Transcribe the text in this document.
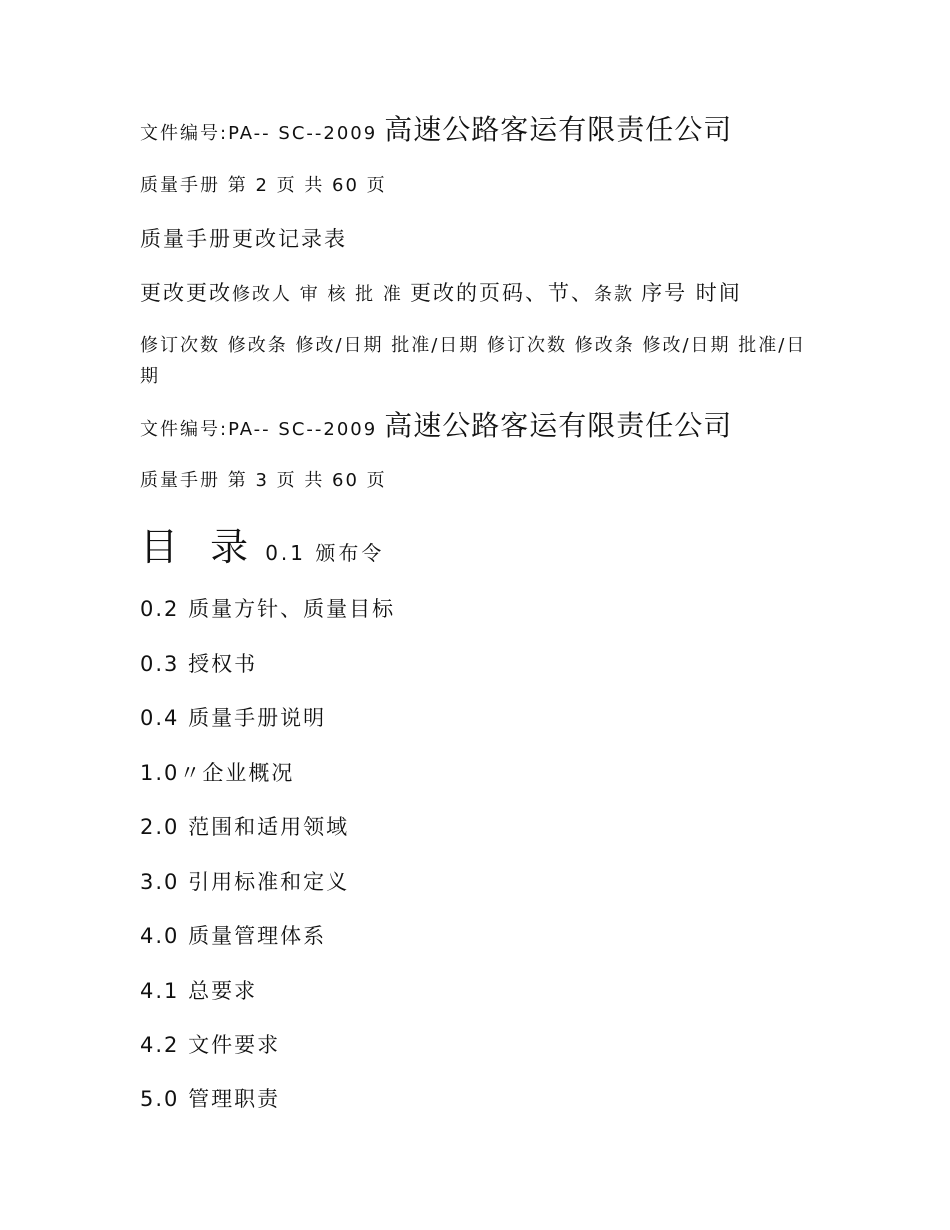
文件编号:PA-- SC--2009 高速公路客运有限责任公司
质量手册 第 2 页 共 60 页
质量手册更改记录表
更改更改修改人 审 核 批 准 更改的页码、节、条款 序号 时间
修订次数 修改条 修改/日期 批准/日期 修订次数 修改条 修改/日期 批准/日期
文件编号:PA-- SC--2009 高速公路客运有限责任公司
质量手册 第 3 页 共 60 页
目 录 0.1 颁布令
0.2 质量方针、质量目标
0.3 授权书
0.4 质量手册说明
1.0〃企业概况
2.0 范围和适用领域
3.0 引用标准和定义
4.0 质量管理体系
4.1 总要求
4.2 文件要求
5.0 管理职责
